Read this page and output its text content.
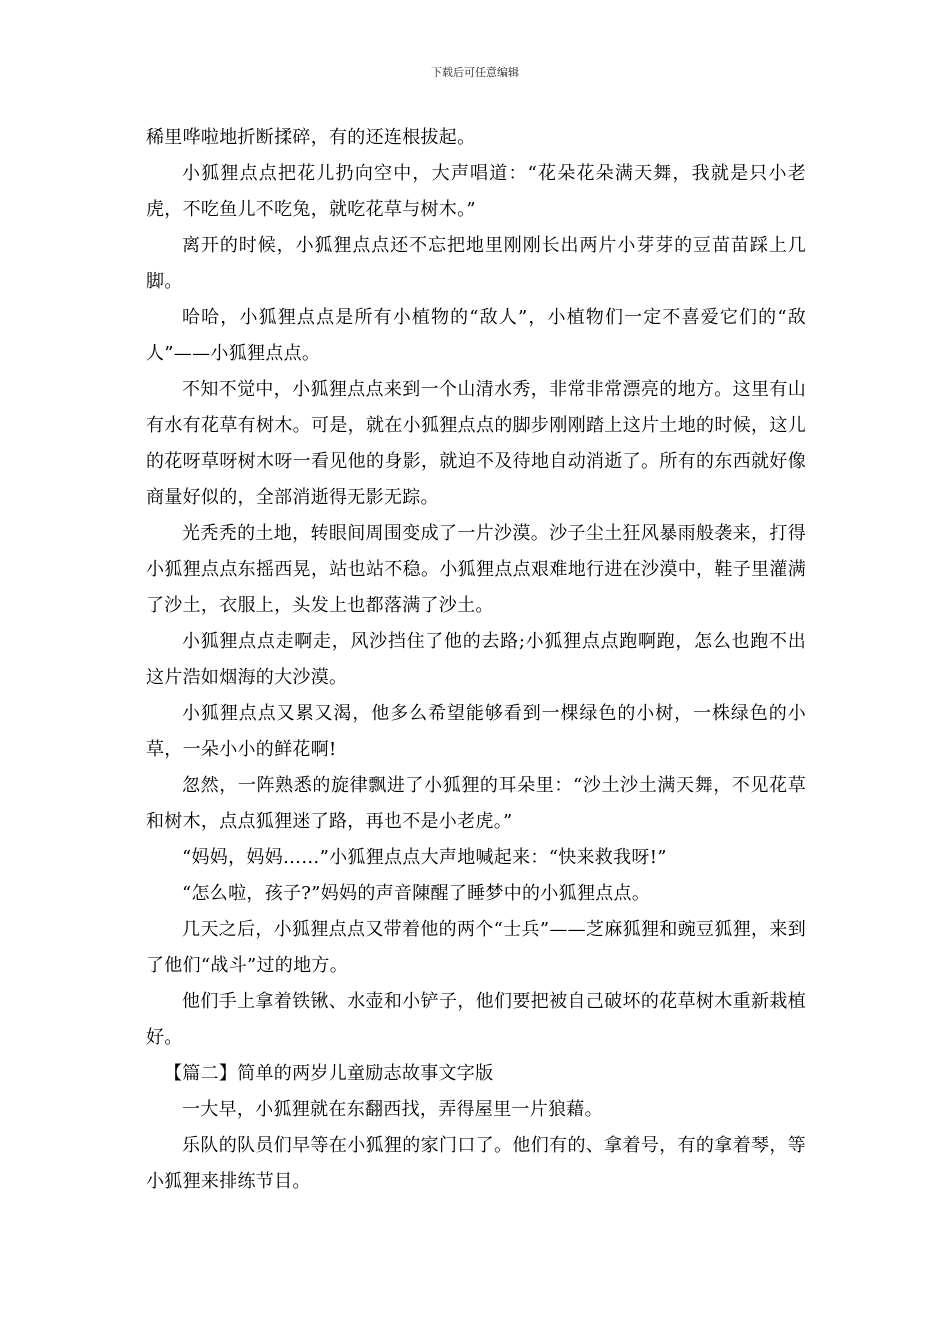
下载后可任意编辑

稀里哗啦地折断揉碎，有的还连根拔起。

小狐狸点点把花儿扔向空中，大声唱道：“花朵花朵满天舞，我就是只小老虎，不吃鱼儿不吃兔，就吃花草与树木。”

离开的时候，小狐狸点点还不忘把地里刚刚长出两片小芽芽的豆苗苗踩上几脚。

哈哈，小狐狸点点是所有小植物的“敌人”，小植物们一定不喜爱它们的“敌人”——小狐狸点点。

不知不觉中，小狐狸点点来到一个山清水秀，非常非常漂亮的地方。这里有山有水有花草有树木。可是，就在小狐狸点点的脚步刚刚踏上这片土地的时候，这儿的花呀草呀树木呀一看见他的身影，就迫不及待地自动消逝了。所有的东西就好像商量好似的，全部消逝得无影无踪。

光秃秃的土地，转眼间周围变成了一片沙漠。沙子尘土狂风暴雨般袭来，打得小狐狸点点东摇西晃，站也站不稳。小狐狸点点艰难地行进在沙漠中，鞋子里灌满了沙土，衣服上，头发上也都落满了沙土。

小狐狸点点走啊走，风沙挡住了他的去路;小狐狸点点跑啊跑，怎么也跑不出这片浩如烟海的大沙漠。

小狐狸点点又累又渴，他多么希望能够看到一棵绿色的小树，一株绿色的小草，一朵小小的鲜花啊!

忽然，一阵熟悉的旋律飘进了小狐狸的耳朵里：“沙土沙土满天舞，不见花草和树木，点点狐狸迷了路，再也不是小老虎。”

“妈妈，妈妈……”小狐狸点点大声地喊起来：“快来救我呀!”

“怎么啦，孩子?”妈妈的声音陳醒了睡梦中的小狐狸点点。

几天之后，小狐狸点点又带着他的两个“士兵”——芝麻狐狸和豌豆狐狸，来到了他们“战斗”过的地方。

他们手上拿着铁锹、水壶和小铲子，他们要把被自己破坏的花草树木重新栽植好。

【篇二】简单的两岁儿童励志故事文字版

一大早，小狐狸就在东翻西找，弄得屋里一片狼藉。

乐队的队员们早等在小狐狸的家门口了。他们有的、拿着号，有的拿着琴，等小狐狸来排练节目。
